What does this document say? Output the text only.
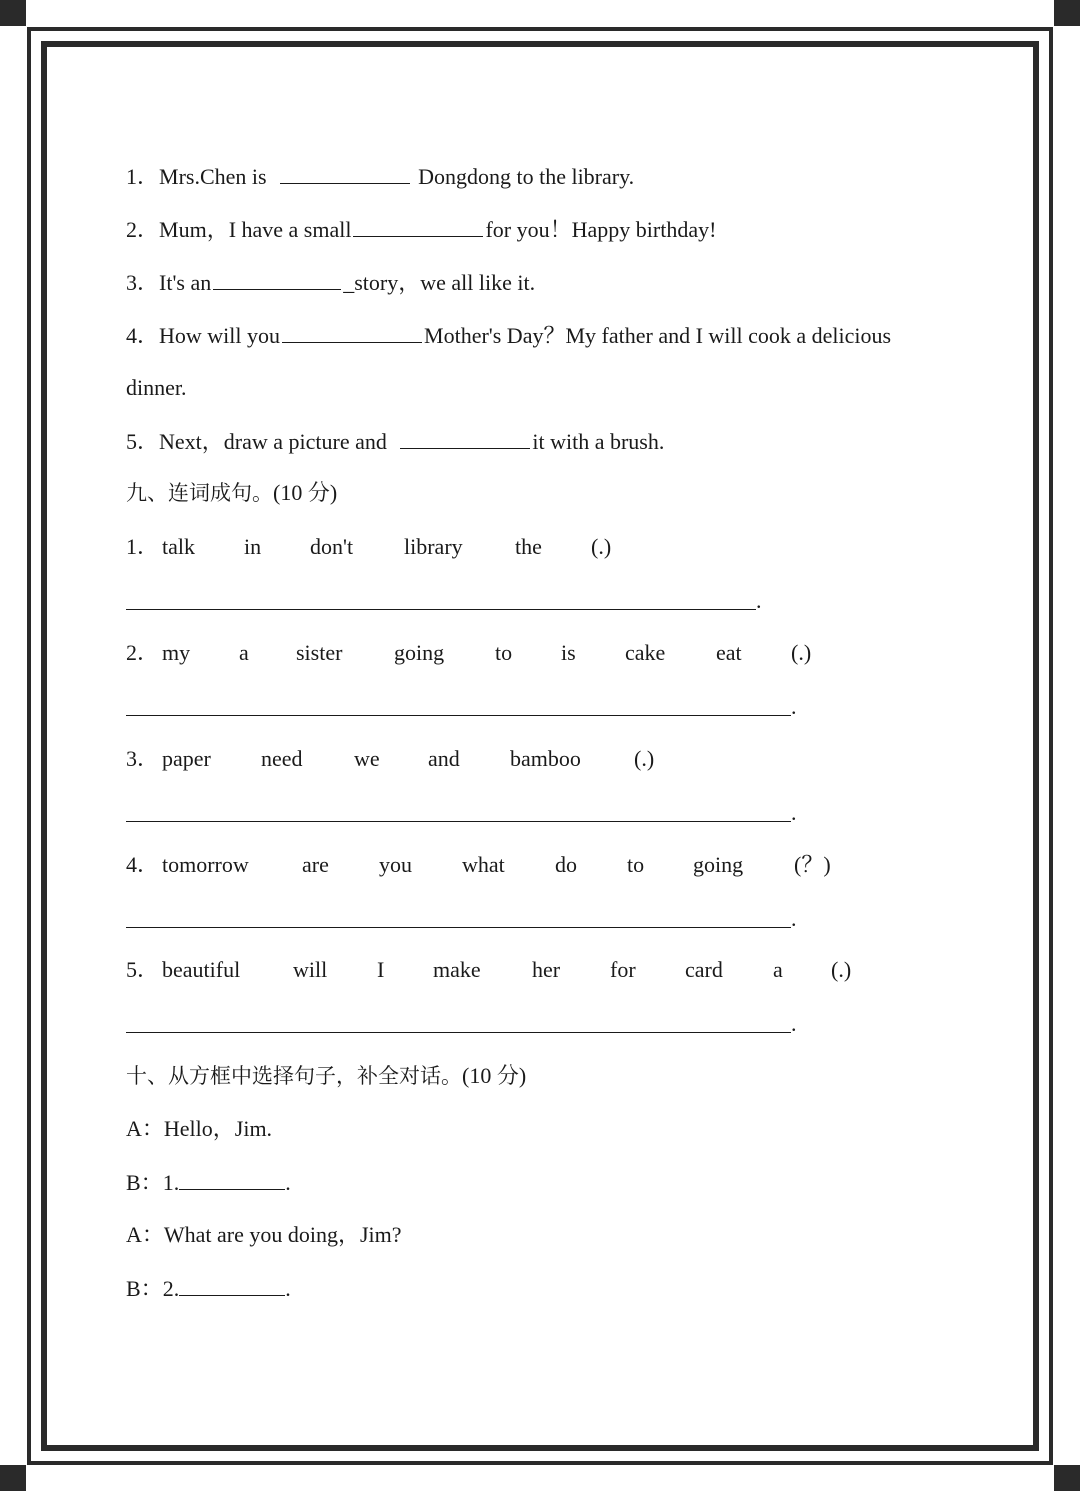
1．Mrs.Chen is	Dongdong to the library.
2．Mum，I have a small	for you！Happy birthday!
3．It's an	_story，we all like it.
4．How will you	Mother's Day？My father and I will cook a delicious
dinner.
5．Next，draw a picture and	it with a brush.
九、连词成句。(10 分)
1． talk in don't library the (.)
.
2． my a sister going to is cake eat (.)
.
3． paper need we and bamboo (.)
.
4． tomorrow are you what do to going (？)
.
5． beautiful will I make her for card a (.)
.
十、从方框中选择句子，补全对话。(10 分)
A：Hello，Jim.
B：1.	.
A：What are you doing，Jim?
B：2.	.
